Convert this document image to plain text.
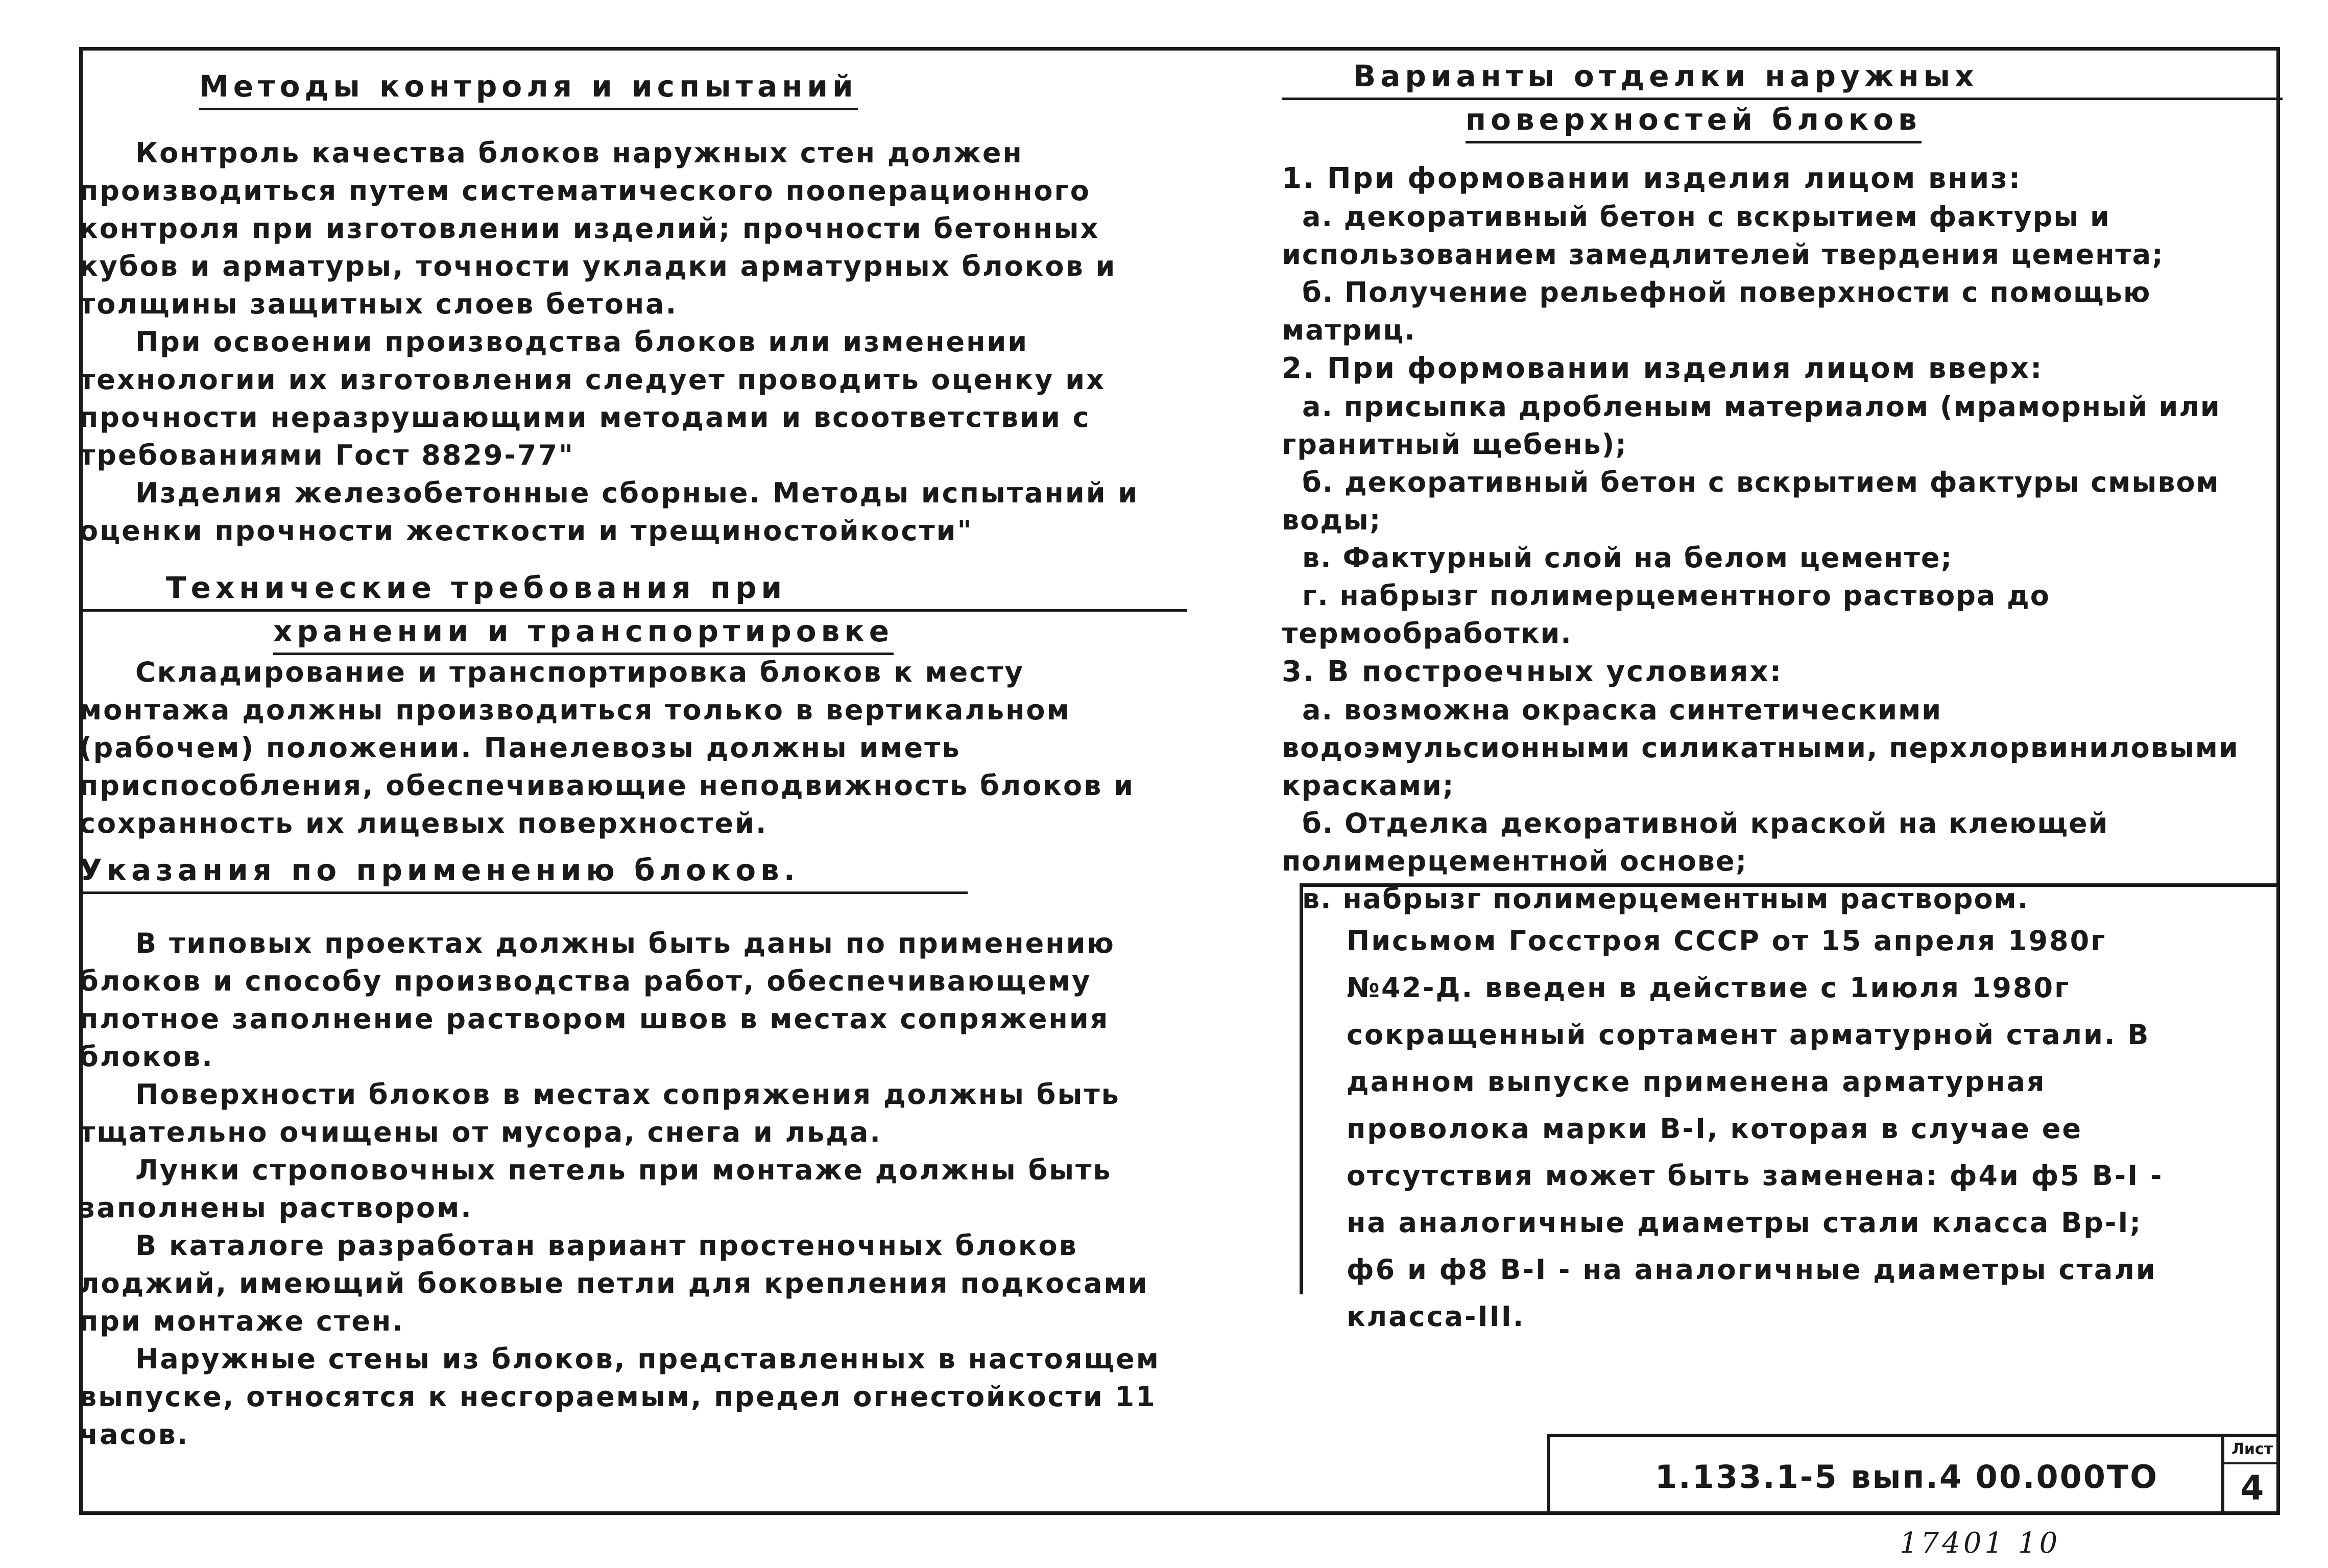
Методы контроля и испытаний

Контроль качества блоков наружных стен должен производиться путем систематического пооперационного контроля при изготовлении изделий; прочности бетонных кубов и арматуры, точности укладки арматурных блоков и толщины защитных слоев бетона.

При освоении производства блоков или изменении технологии их изготовления следует проводить оценку их прочности неразрушающими методами и всоответствии с требованиями Гост 8829-77"

Изделия железобетонные сборные. Методы испытаний и оценки прочности жесткости и трещиностойкости"

Технические требования при
хранении и транспортировке

Складирование и транспортировка блоков к месту монтажа должны производиться только в вертикальном (рабочем) положении. Панелевозы должны иметь приспособления, обеспечивающие неподвижность блоков и сохранность их лицевых поверхностей.

Указания по применению блоков.

В типовых проектах должны быть даны по применению блоков и способу производства работ, обеспечивающему плотное заполнение раствором швов в местах сопряжения блоков.

Поверхности блоков в местах сопряжения должны быть тщательно очищены от мусора, снега и льда.

Лунки строповочных петель при монтаже должны быть заполнены раствором.

В каталоге разработан вариант простеночных блоков лоджий, имеющий боковые петли для крепления подкосами при монтаже стен.

Наружные стены из блоков, представленных в настоящем выпуске, относятся к несгораемым, предел огнестойкости 11 часов.

Варианты отделки наружных
поверхностей блоков

1. При формовании изделия лицом вниз:

а. декоративный бетон с вскрытием фактуры и использованием замедлителей твердения цемента;

б. Получение рельефной поверхности с помощью матриц.

2. При формовании изделия лицом вверх:

а. присыпка дробленым материалом (мраморный или гранитный щебень);

б. декоративный бетон с вскрытием фактуры смывом воды;

в. Фактурный слой на белом цементе;

г. набрызг полимерцементного раствора до термообработки.

3. В построечных условиях:

а. возможна окраска синтетическими водоэмульсионными силикатными, перхлорвиниловыми красками;

б. Отделка декоративной краской на клеющей полимерцементной основе;

в. набрызг полимерцементным раствором.

Письмом Госстроя СССР от 15 апреля 1980г

№42-Д. введен в действие с 1июля 1980г

сокращенный сортамент арматурной стали. В

данном выпуске применена арматурная

проволока марки В-I, которая в случае ее

отсутствия может быть заменена: ф4и ф5 В-I -

на аналогичные диаметры стали класса Вр-I;

ф6 и ф8 В-I - на аналогичные диаметры стали класса-III.

1.133.1-5 вып.4 00.000ТО
Лист
4
17401 10
